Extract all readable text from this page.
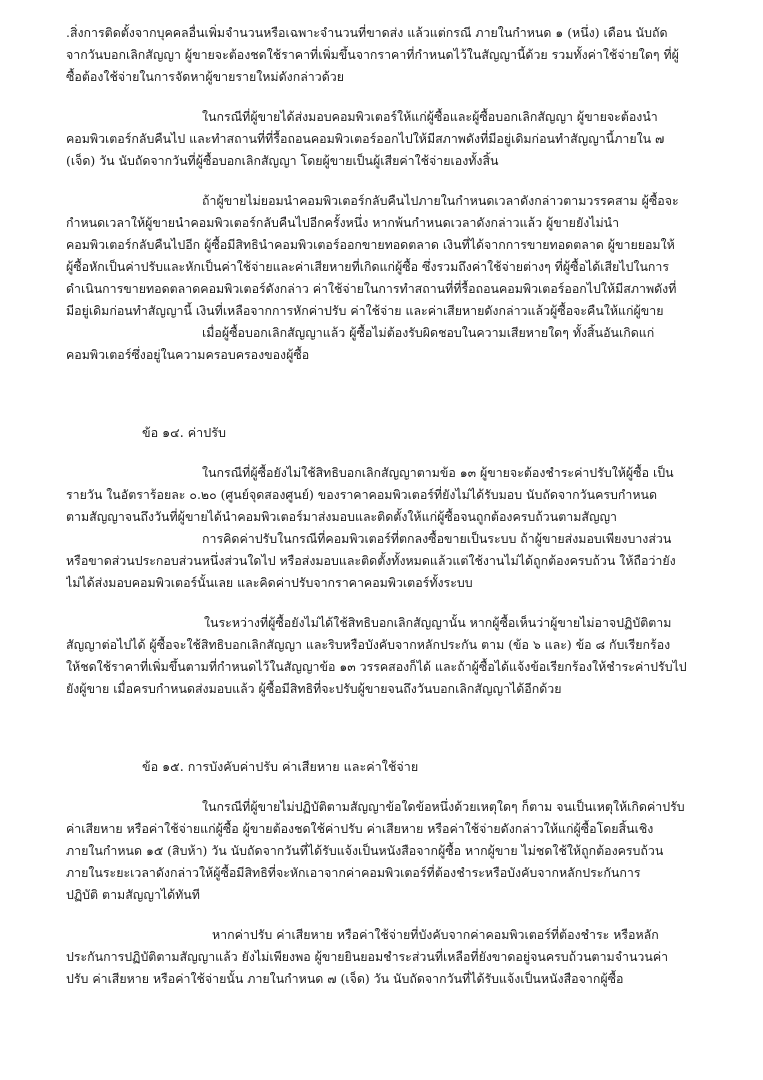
.สิ่งการติดตั้งจากบุคคลอื่นเพิ่มจำนวนหรือเฉพาะจำนวนที่ขาดส่ง แล้วแต่กรณี ภายในกำหนด ๑ (หนึ่ง) เดือน นับถัด
จากวันบอกเลิกสัญญา ผู้ขายจะต้องชดใช้ราคาที่เพิ่มขึ้นจากราคาที่กำหนดไว้ในสัญญานี้ด้วย รวมทั้งค่าใช้จ่ายใดๆ ที่ผู้
ซื้อต้องใช้จ่ายในการจัดหาผู้ขายรายใหม่ดังกล่าวด้วย
ในกรณีที่ผู้ขายได้ส่งมอบคอมพิวเตอร์ให้แก่ผู้ซื้อและผู้ซื้อบอกเลิกสัญญา ผู้ขายจะต้องนำ
คอมพิวเตอร์กลับคืนไป และทำสถานที่ที่รื้อถอนคอมพิวเตอร์ออกไปให้มีสภาพดังที่มีอยู่เดิมก่อนทำสัญญานี้ภายใน ๗
(เจ็ด) วัน นับถัดจากวันที่ผู้ซื้อบอกเลิกสัญญา โดยผู้ขายเป็นผู้เสียค่าใช้จ่ายเองทั้งสิ้น
ถ้าผู้ขายไม่ยอมนำคอมพิวเตอร์กลับคืนไปภายในกำหนดเวลาดังกล่าวตามวรรคสาม ผู้ซื้อจะ
กำหนดเวลาให้ผู้ขายนำคอมพิวเตอร์กลับคืนไปอีกครั้งหนึ่ง หากพ้นกำหนดเวลาดังกล่าวแล้ว ผู้ขายยังไม่นำ
คอมพิวเตอร์กลับคืนไปอีก ผู้ซื้อมีสิทธินำคอมพิวเตอร์ออกขายทอดตลาด เงินที่ได้จากการขายทอดตลาด ผู้ขายยอมให้
ผู้ซื้อหักเป็นค่าปรับและหักเป็นค่าใช้จ่ายและค่าเสียหายที่เกิดแก่ผู้ซื้อ ซึ่งรวมถึงค่าใช้จ่ายต่างๆ ที่ผู้ซื้อได้เสียไปในการ
ดำเนินการขายทอดตลาดคอมพิวเตอร์ดังกล่าว ค่าใช้จ่ายในการทำสถานที่ที่รื้อถอนคอมพิวเตอร์ออกไปให้มีสภาพดังที่
มีอยู่เดิมก่อนทำสัญญานี้ เงินที่เหลือจากการหักค่าปรับ ค่าใช้จ่าย และค่าเสียหายดังกล่าวแล้วผู้ซื้อจะคืนให้แก่ผู้ขาย
เมื่อผู้ซื้อบอกเลิกสัญญาแล้ว ผู้ซื้อไม่ต้องรับผิดชอบในความเสียหายใดๆ ทั้งสิ้นอันเกิดแก่
คอมพิวเตอร์ซึ่งอยู่ในความครอบครองของผู้ซื้อ
ข้อ ๑๔. ค่าปรับ
ในกรณีที่ผู้ซื้อยังไม่ใช้สิทธิบอกเลิกสัญญาตามข้อ ๑๓ ผู้ขายจะต้องชำระค่าปรับให้ผู้ซื้อ เป็น
รายวัน ในอัตราร้อยละ ๐.๒๐ (ศูนย์จุดสองศูนย์) ของราคาคอมพิวเตอร์ที่ยังไม่ได้รับมอบ นับถัดจากวันครบกำหนด
ตามสัญญาจนถึงวันที่ผู้ขายได้นำคอมพิวเตอร์มาส่งมอบและติดตั้งให้แก่ผู้ซื้อจนถูกต้องครบถ้วนตามสัญญา
การคิดค่าปรับในกรณีที่คอมพิวเตอร์ที่ตกลงซื้อขายเป็นระบบ ถ้าผู้ขายส่งมอบเพียงบางส่วน
หรือขาดส่วนประกอบส่วนหนึ่งส่วนใดไป หรือส่งมอบและติดตั้งทั้งหมดแล้วแต่ใช้งานไม่ได้ถูกต้องครบถ้วน ให้ถือว่ายัง
ไม่ได้ส่งมอบคอมพิวเตอร์นั้นเลย และคิดค่าปรับจากราคาคอมพิวเตอร์ทั้งระบบ
ในระหว่างที่ผู้ซื้อยังไม่ได้ใช้สิทธิบอกเลิกสัญญานั้น หากผู้ซื้อเห็นว่าผู้ขายไม่อาจปฏิบัติตาม
สัญญาต่อไปได้ ผู้ซื้อจะใช้สิทธิบอกเลิกสัญญา และริบหรือบังคับจากหลักประกัน ตาม (ข้อ ๖ และ) ข้อ ๘ กับเรียกร้อง
ให้ชดใช้ราคาที่เพิ่มขึ้นตามที่กำหนดไว้ในสัญญาข้อ ๑๓ วรรคสองก็ได้ และถ้าผู้ซื้อได้แจ้งข้อเรียกร้องให้ชำระค่าปรับไป
ยังผู้ขาย เมื่อครบกำหนดส่งมอบแล้ว ผู้ซื้อมีสิทธิที่จะปรับผู้ขายจนถึงวันบอกเลิกสัญญาได้อีกด้วย
ข้อ ๑๕. การบังคับค่าปรับ ค่าเสียหาย และค่าใช้จ่าย
ในกรณีที่ผู้ขายไม่ปฏิบัติตามสัญญาข้อใดข้อหนึ่งด้วยเหตุใดๆ ก็ตาม จนเป็นเหตุให้เกิดค่าปรับ
ค่าเสียหาย หรือค่าใช้จ่ายแก่ผู้ซื้อ ผู้ขายต้องชดใช้ค่าปรับ ค่าเสียหาย หรือค่าใช้จ่ายดังกล่าวให้แก่ผู้ซื้อโดยสิ้นเชิง
ภายในกำหนด ๑๕ (สิบห้า) วัน นับถัดจากวันที่ได้รับแจ้งเป็นหนังสือจากผู้ซื้อ หากผู้ขาย ไม่ชดใช้ให้ถูกต้องครบถ้วน
ภายในระยะเวลาดังกล่าวให้ผู้ซื้อมีสิทธิที่จะหักเอาจากค่าคอมพิวเตอร์ที่ต้องชำระหรือบังคับจากหลักประกันการ
ปฏิบัติ ตามสัญญาได้ทันที
หากค่าปรับ ค่าเสียหาย หรือค่าใช้จ่ายที่บังคับจากค่าคอมพิวเตอร์ที่ต้องชำระ หรือหลัก
ประกันการปฏิบัติตามสัญญาแล้ว ยังไม่เพียงพอ ผู้ขายยินยอมชำระส่วนที่เหลือที่ยังขาดอยู่จนครบถ้วนตามจำนวนค่า
ปรับ ค่าเสียหาย หรือค่าใช้จ่ายนั้น ภายในกำหนด ๗ (เจ็ด) วัน นับถัดจากวันที่ได้รับแจ้งเป็นหนังสือจากผู้ซื้อ
